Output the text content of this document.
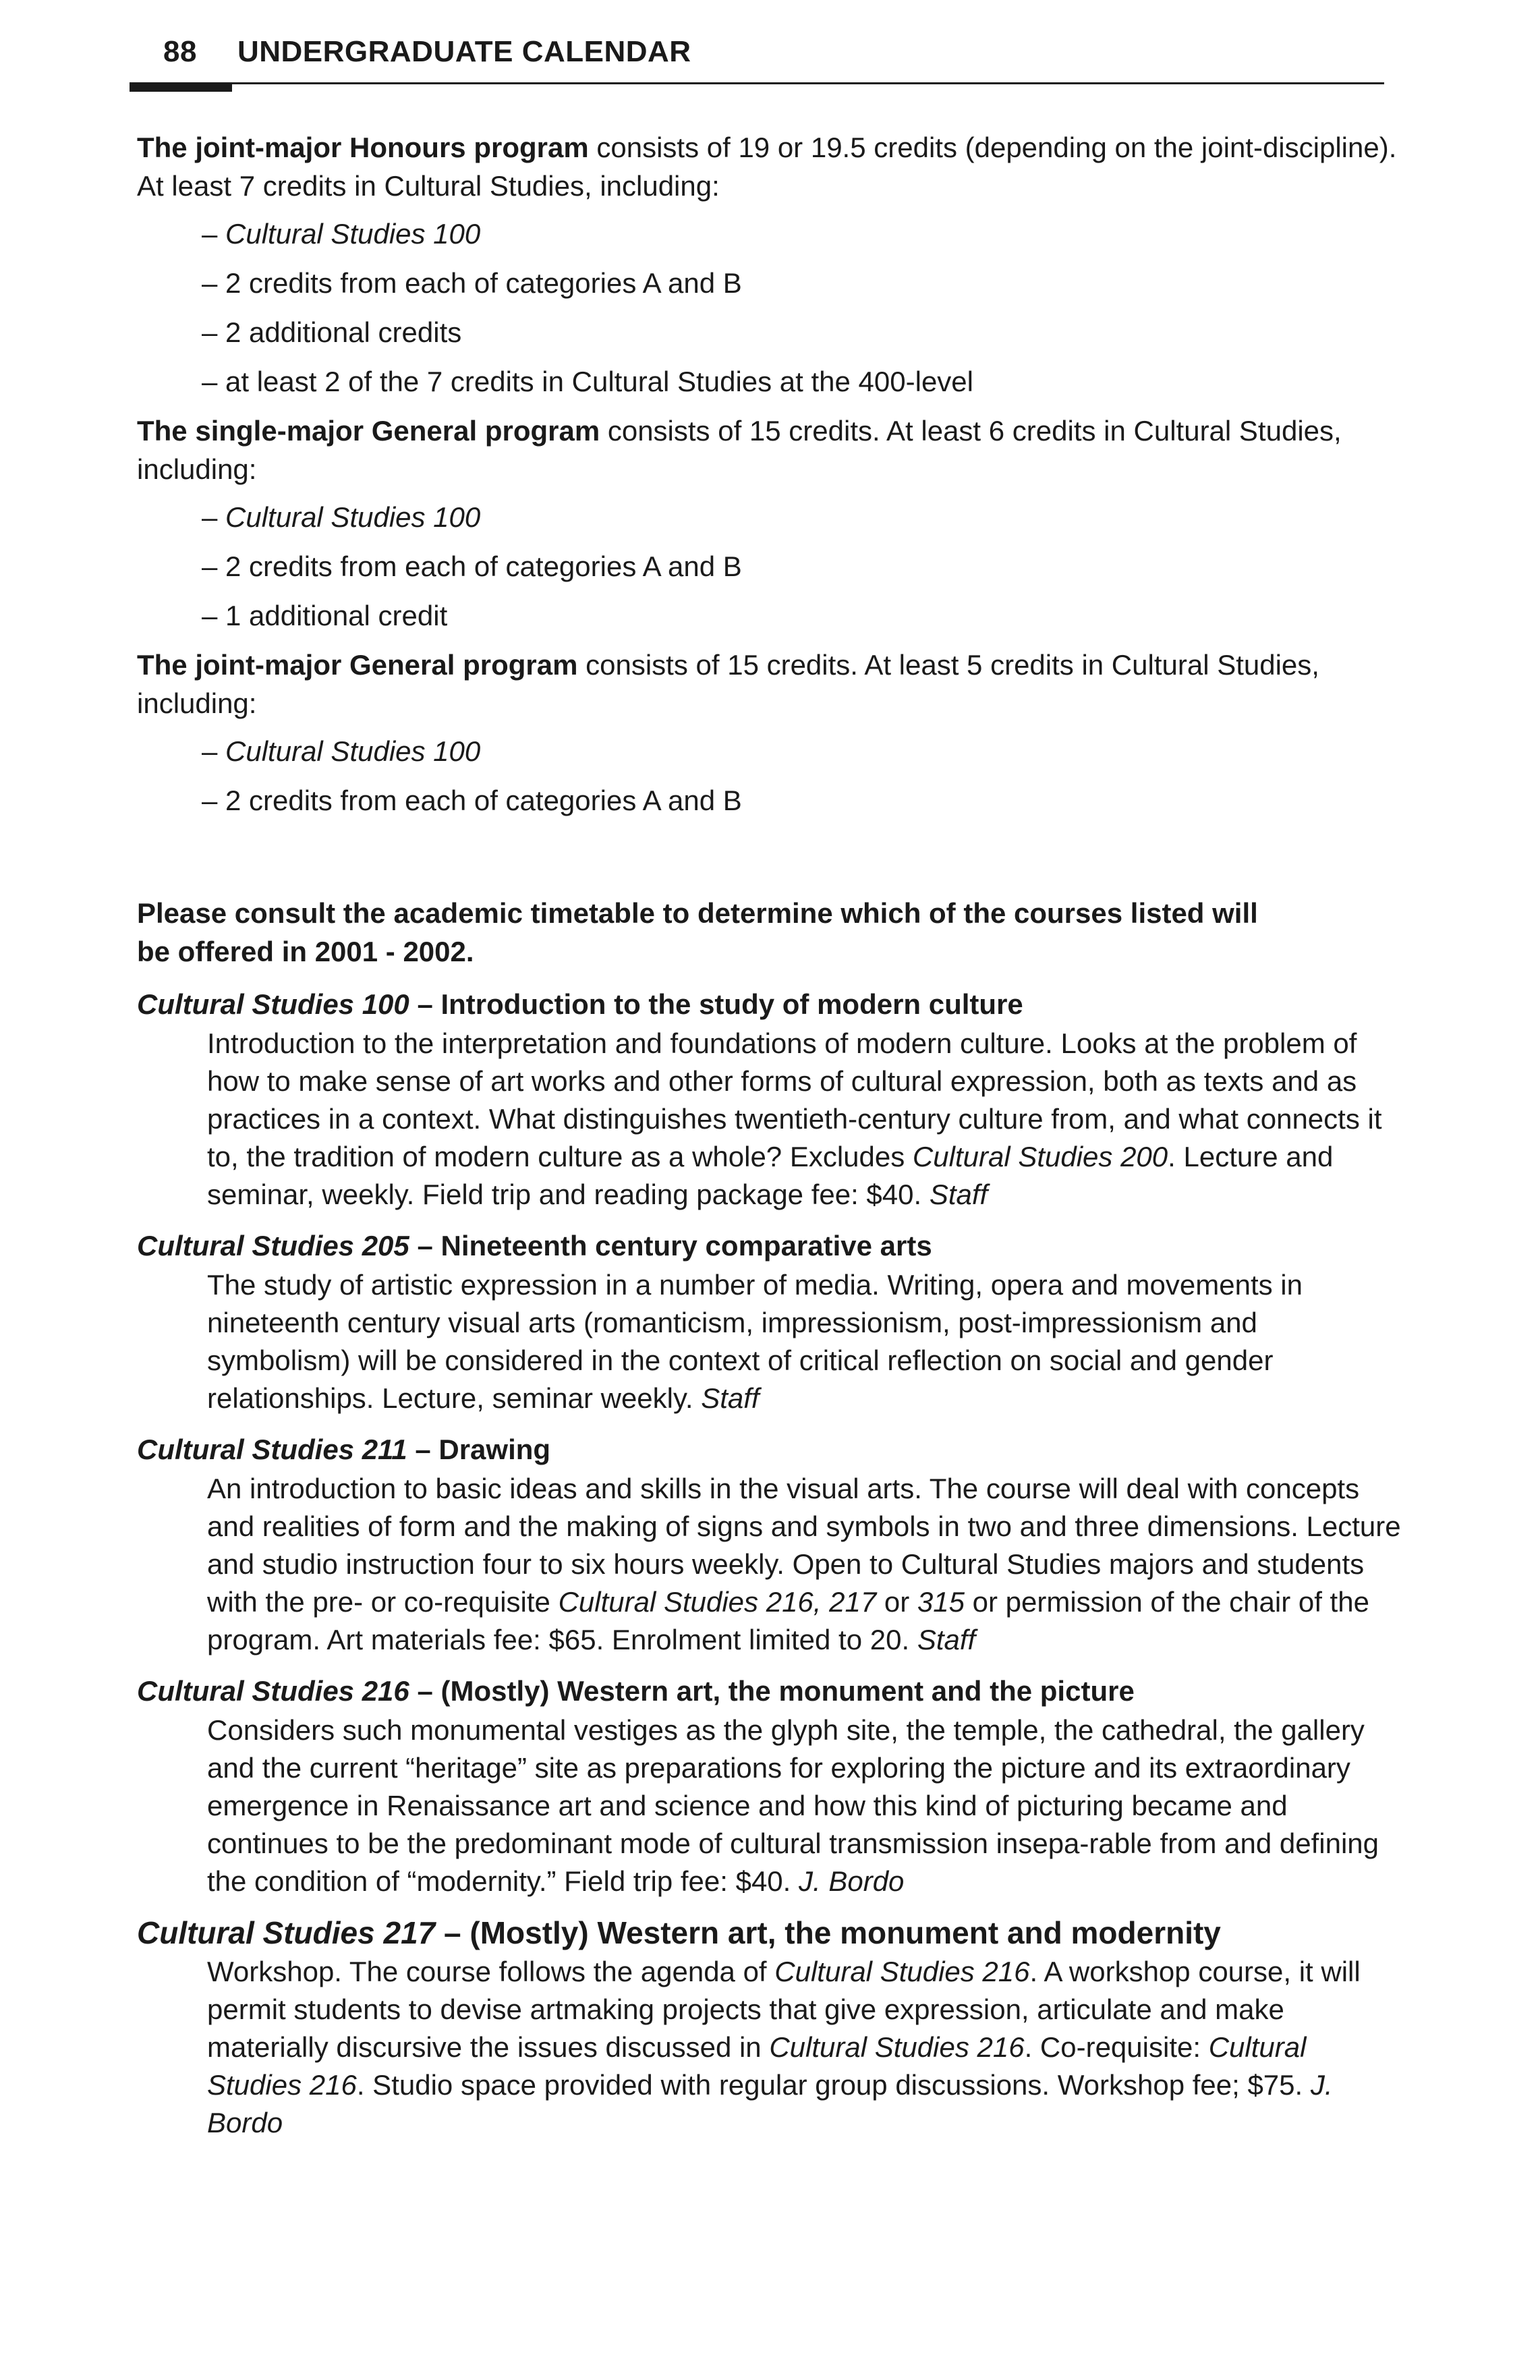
88 UNDERGRADUATE CALENDAR

The joint-major Honours program consists of 19 or 19.5 credits (depending on the joint-discipline). At least 7 credits in Cultural Studies, including:

– Cultural Studies 100
– 2 credits from each of categories A and B
– 2 additional credits
– at least 2 of the 7 credits in Cultural Studies at the 400-level

The single-major General program consists of 15 credits. At least 6 credits in Cultural Studies, including:

– Cultural Studies 100
– 2 credits from each of categories A and B
– 1 additional credit

The joint-major General program consists of 15 credits. At least 5 credits in Cultural Studies, including:

– Cultural Studies 100
– 2 credits from each of categories A and B

Please consult the academic timetable to determine which of the courses listed will be offered in 2001 - 2002.

Cultural Studies 100 – Introduction to the study of modern culture

Introduction to the interpretation and foundations of modern culture. Looks at the problem of how to make sense of art works and other forms of cultural expression, both as texts and as practices in a context. What distinguishes twentieth-century culture from, and what connects it to, the tradition of modern culture as a whole? Excludes Cultural Studies 200. Lecture and seminar, weekly. Field trip and reading package fee: $40. Staff

Cultural Studies 205 – Nineteenth century comparative arts

The study of artistic expression in a number of media. Writing, opera and movements in nineteenth century visual arts (romanticism, impressionism, post-impressionism and symbolism) will be considered in the context of critical reflection on social and gender relationships. Lecture, seminar weekly. Staff

Cultural Studies 211 – Drawing

An introduction to basic ideas and skills in the visual arts. The course will deal with concepts and realities of form and the making of signs and symbols in two and three dimensions. Lecture and studio instruction four to six hours weekly. Open to Cultural Studies majors and students with the pre- or co-requisite Cultural Studies 216, 217 or 315 or permission of the chair of the program. Art materials fee: $65. Enrolment limited to 20. Staff

Cultural Studies 216 – (Mostly) Western art, the monument and the picture

Considers such monumental vestiges as the glyph site, the temple, the cathedral, the gallery and the current “heritage” site as preparations for exploring the picture and its extraordinary emergence in Renaissance art and science and how this kind of picturing became and continues to be the predominant mode of cultural transmission insepa-rable from and defining the condition of “modernity.” Field trip fee: $40. J. Bordo

Cultural Studies 217 – (Mostly) Western art, the monument and modernity

Workshop. The course follows the agenda of Cultural Studies 216. A workshop course, it will permit students to devise artmaking projects that give expression, articulate and make materially discursive the issues discussed in Cultural Studies 216. Co-requisite: Cultural Studies 216. Studio space provided with regular group discussions. Workshop fee; $75. J. Bordo
